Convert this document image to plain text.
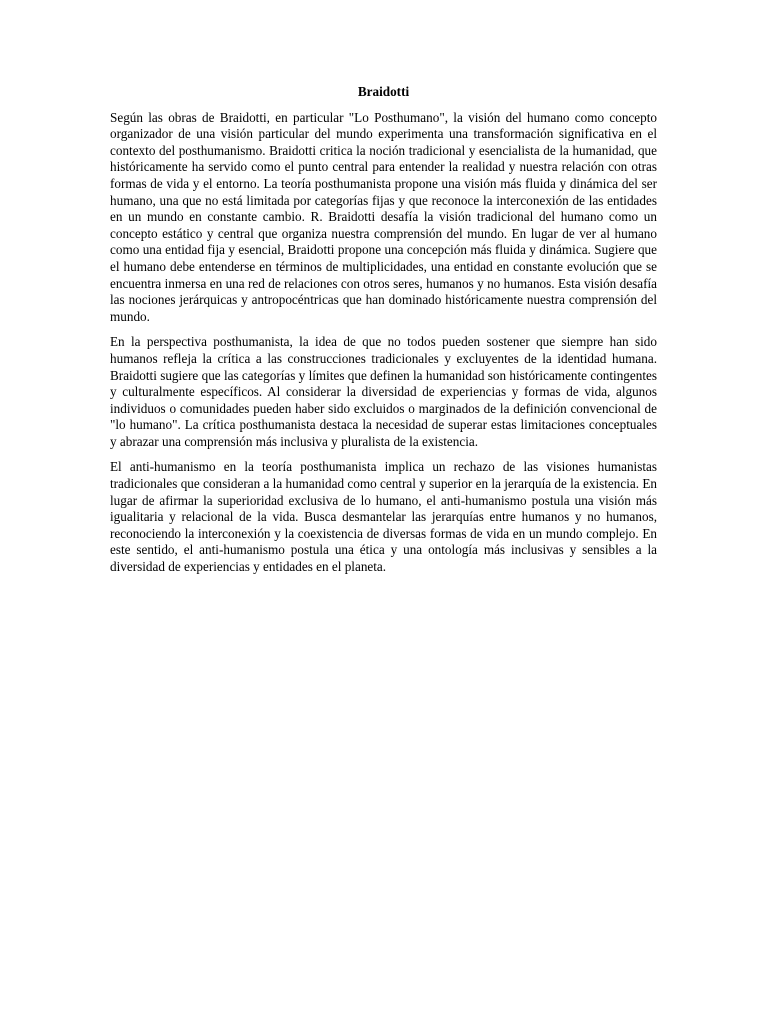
Braidotti

Según las obras de Braidotti, en particular "Lo Posthumano", la visión del humano como concepto organizador de una visión particular del mundo experimenta una transformación significativa en el contexto del posthumanismo. Braidotti critica la noción tradicional y esencialista de la humanidad, que históricamente ha servido como el punto central para entender la realidad y nuestra relación con otras formas de vida y el entorno. La teoría posthumanista propone una visión más fluida y dinámica del ser humano, una que no está limitada por categorías fijas y que reconoce la interconexión de las entidades en un mundo en constante cambio. R. Braidotti desafía la visión tradicional del humano como un concepto estático y central que organiza nuestra comprensión del mundo. En lugar de ver al humano como una entidad fija y esencial, Braidotti propone una concepción más fluida y dinámica. Sugiere que el humano debe entenderse en términos de multiplicidades, una entidad en constante evolución que se encuentra inmersa en una red de relaciones con otros seres, humanos y no humanos. Esta visión desafía las nociones jerárquicas y antropocéntricas que han dominado históricamente nuestra comprensión del mundo.

En la perspectiva posthumanista, la idea de que no todos pueden sostener que siempre han sido humanos refleja la crítica a las construcciones tradicionales y excluyentes de la identidad humana. Braidotti sugiere que las categorías y límites que definen la humanidad son históricamente contingentes y culturalmente específicos. Al considerar la diversidad de experiencias y formas de vida, algunos individuos o comunidades pueden haber sido excluidos o marginados de la definición convencional de "lo humano". La crítica posthumanista destaca la necesidad de superar estas limitaciones conceptuales y abrazar una comprensión más inclusiva y pluralista de la existencia.

El anti-humanismo en la teoría posthumanista implica un rechazo de las visiones humanistas tradicionales que consideran a la humanidad como central y superior en la jerarquía de la existencia. En lugar de afirmar la superioridad exclusiva de lo humano, el anti-humanismo postula una visión más igualitaria y relacional de la vida. Busca desmantelar las jerarquías entre humanos y no humanos, reconociendo la interconexión y la coexistencia de diversas formas de vida en un mundo complejo. En este sentido, el anti-humanismo postula una ética y una ontología más inclusivas y sensibles a la diversidad de experiencias y entidades en el planeta.
